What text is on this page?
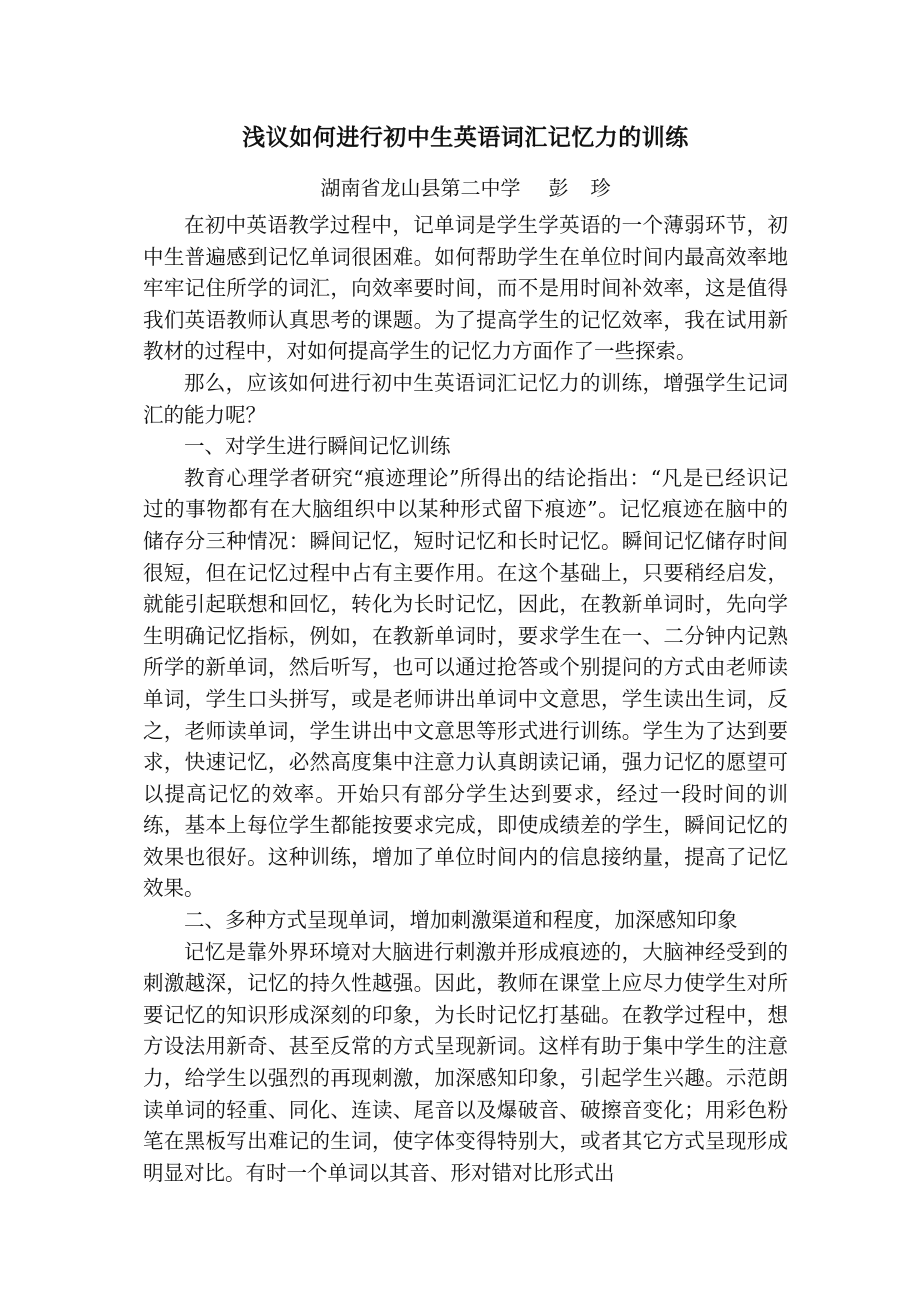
浅议如何进行初中生英语词汇记忆力的训练
湖南省龙山县第二中学 彭 珍

在初中英语教学过程中，记单词是学生学英语的一个薄弱环节，初中生普遍感到记忆单词很困难。如何帮助学生在单位时间内最高效率地牢牢记住所学的词汇，向效率要时间，而不是用时间补效率，这是值得我们英语教师认真思考的课题。为了提高学生的记忆效率，我在试用新教材的过程中，对如何提高学生的记忆力方面作了一些探索。

那么，应该如何进行初中生英语词汇记忆力的训练，增强学生记词汇的能力呢？

一、对学生进行瞬间记忆训练

教育心理学者研究“痕迹理论”所得出的结论指出：“凡是已经识记过的事物都有在大脑组织中以某种形式留下痕迹”。记忆痕迹在脑中的储存分三种情况：瞬间记忆，短时记忆和长时记忆。瞬间记忆储存时间很短，但在记忆过程中占有主要作用。在这个基础上，只要稍经启发，就能引起联想和回忆，转化为长时记忆，因此，在教新单词时，先向学生明确记忆指标，例如，在教新单词时，要求学生在一、二分钟内记熟所学的新单词，然后听写，也可以通过抢答或个别提问的方式由老师读单词，学生口头拼写，或是老师讲出单词中文意思，学生读出生词，反之，老师读单词，学生讲出中文意思等形式进行训练。学生为了达到要求，快速记忆，必然高度集中注意力认真朗读记诵，强力记忆的愿望可以提高记忆的效率。开始只有部分学生达到要求，经过一段时间的训练，基本上每位学生都能按要求完成，即使成绩差的学生，瞬间记忆的效果也很好。这种训练，增加了单位时间内的信息接纳量，提高了记忆效果。

二、多种方式呈现单词，增加刺激渠道和程度，加深感知印象

记忆是靠外界环境对大脑进行刺激并形成痕迹的，大脑神经受到的刺激越深，记忆的持久性越强。因此，教师在课堂上应尽力使学生对所要记忆的知识形成深刻的印象，为长时记忆打基础。在教学过程中，想方设法用新奇、甚至反常的方式呈现新词。这样有助于集中学生的注意力，给学生以强烈的再现刺激，加深感知印象，引起学生兴趣。示范朗读单词的轻重、同化、连读、尾音以及爆破音、破擦音变化；用彩色粉笔在黑板写出难记的生词，使字体变得特别大，或者其它方式呈现形成明显对比。有时一个单词以其音、形对错对比形式出
